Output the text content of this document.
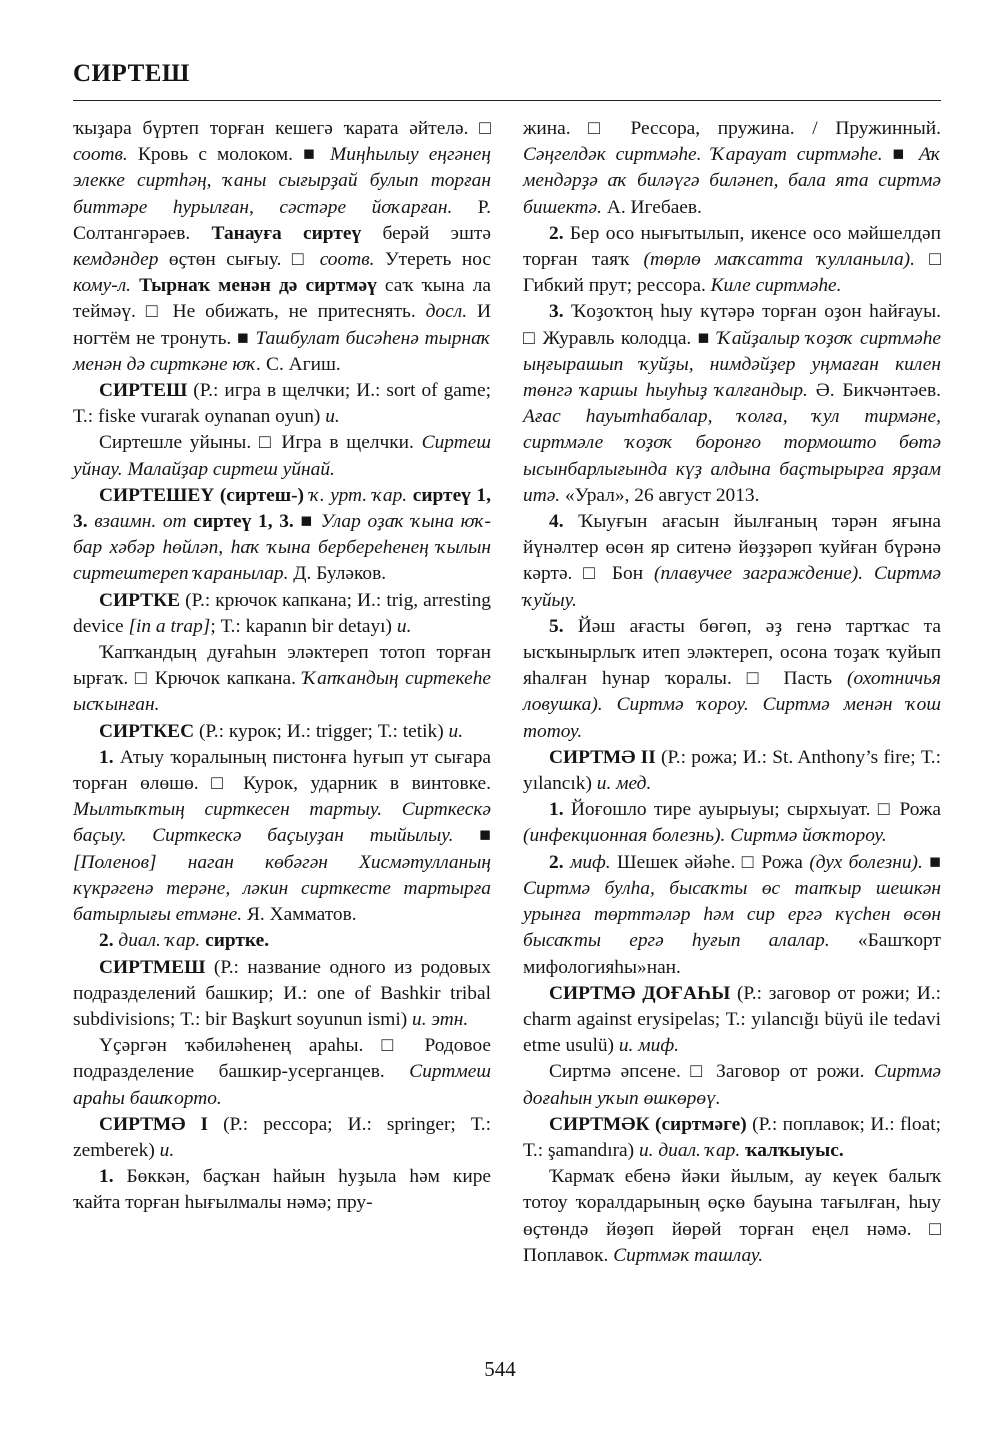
СИРТЕШ

ҡыҙара бүртеп торған кешегә ҡарата әйтелә. □ соотв. Кровь с молоком. ■ Миңһылыу еңгәнең элекке сиртһәң, ҡаны сығырҙай булып торған биттәре һурылған, сәстәре йоҡарған. Р. Солтангәрәев. Танауға сиртеү берәй эштә кемдәндер өҫтөн сығыу. □ соотв. Утереть нос кому-л. Тырнаҡ менән дә сиртмәү саҡ ҡына ла теймәү. □ Не обижать, не притеснять. досл. И ногтём не тронуть. ■ Ташбулат бисәһенә тырнаҡ менән дә сирткәне юҡ. С. Агиш.

СИРТЕШ (Р.: игра в щелчки; И.: sort of game; Т.: fiske vurarak oynanan oyun) и.

Сиртешле уйыны. □ Игра в щелчки. Сиртеш уйнау. Малайҙар сиртеш уйнай.

СИРТЕШЕҮ (сиртеш-) ҡ. урт. ҡар. сиртеү 1, 3. взаимн. от сиртеү 1, 3. ■ Улар оҙаҡ ҡына юҡ-бар хәбәр һөйләп, һаҡ ҡына бербереһенең ҡылын сиртештереп ҡаранылар. Д. Буләков.

СИРТКЕ (Р.: крючок капкана; И.: trig, arresting device [in a trap]; Т.: kapanın bir detayı) и.

Ҡапҡандың дуғаһын эләктереп тотоп торған ырғаҡ. □ Крючок капкана. Ҡапҡандың сиртекеһе ысҡынған.

СИРТКЕС (Р.: курок; И.: trigger; Т.: tetik) и.

1. Атыу ҡоралының пистонға һуғып ут сығара торған өлөшө. □ Курок, ударник в винтовке. Мылтыҡтың сирткесен тартыу. Сирткескә баҫыу. Сирткескә баҫыуҙан тыйылыу. ■ [Поленов] наган көбәгән Хисмәтулланың күкрәгенә терәне, ләкин сирткесте тартырға батырлығы етмәне. Я. Хамматов.

2. диал. ҡар. сиртке.

СИРТМЕШ (Р.: название одного из родовых подразделений башкир; И.: one of Bashkir tribal subdivisions; Т.: bir Başkurt soyunun ismi) и. этн.

Үҫәргән ҡәбиләһенең араһы. □ Родовое подразделение башкир-усерганцев. Сиртмеш араһы башҡорто.

СИРТМӘ I (Р.: рессора; И.: springer; Т.: zemberek) и.

1. Бөккән, баҫҡан һайын һуҙыла һәм кире ҡайта торған һығылмалы нәмә; пру-

жина. □ Рессора, пружина. / Пружинный. Сәңгелдәк сиртмәһе. Ҡарауат сиртмәһе. ■ Аҡ мендәрҙә аҡ биләүгә биләнеп, бала ята сиртмә бишектә. А. Игебаев.

2. Бер осо нығытылып, икенсе осо мәйшелдәп торған таяҡ (төрлө маҡсатта ҡулланыла). □ Гибкий прут; рессора. Киле сиртмәһе.

3. Ҡоҙоҡтоң һыу күтәрә торған оҙон һайғауы. □ Журавль колодца. ■ Ҡайҙалыр ҡоҙоҡ сиртмәһе ыңғырашып ҡуйҙы, нимдәйҙер уңмаған килен төнгә ҡаршы һыуһыҙ ҡалғандыр. Ә. Бикчәнтәев. Ағас һауытһабалар, ҡолға, ҡул тирмәне, сиртмәле ҡоҙоҡ боронғо тормошто бөтә ысынбарлығында күҙ алдына баҫтырырға ярҙам итә. «Урал», 26 август 2013.

4. Ҡыуғын ағасын йылғаның тәрән яғына йүнәлтер өсөн яр ситенә йөҙҙәрөп ҡуйған бүрәнә кәртә. □ Бон (плавучее заграждение). Сиртмә ҡуйыу.

5. Йәш ағасты бөгөп, әҙ генә тартҡас та ысҡынырлыҡ итеп эләктереп, осона тоҙаҡ ҡуйып яһалған һунар ҡоралы. □ Пасть (охотничья ловушка). Сиртмә ҡороу. Сиртмә менән ҡош тотоу.

СИРТМӘ II (Р.: рожа; И.: St. Anthony’s fire; Т.: yılancık) и. мед.

1. Йоғошло тире ауырыуы; сырхыуат. □ Рожа (инфекционная болезнь). Сиртмә йоҡтороу.

2. миф. Шешек әйәһе. □ Рожа (дух болезни). ■ Сиртмә булһа, бысаҡты өс тапҡыр шешкән урынға төрттәләр һәм сир ергә күсһен өсөн бысаҡты ергә һуғып алалар. «Башҡорт мифологияһы»нан.

СИРТМӘ ДОҒАҺЫ (Р.: заговор от рожи; И.: charm against erysipelas; Т.: yılancığı büyü ile tedavi etme usulü) и. миф.

Сиртмә әпсене. □ Заговор от рожи. Сиртмә доғаһын уҡып өшкөрөү.

СИРТМӘК (сиртмәге) (Р.: поплавок; И.: float; Т.: şamandıra) и. диал. ҡар. ҡалҡыуыс.

Ҡармаҡ ебенә йәки йылым, ау кеүек балыҡ тотоу ҡоралдарының өҫкө бауына тағылған, һыу өҫтөндә йөҙөп йөрөй торған еңел нәмә. □ Поплавок. Сиртмәк ташлау.

544
